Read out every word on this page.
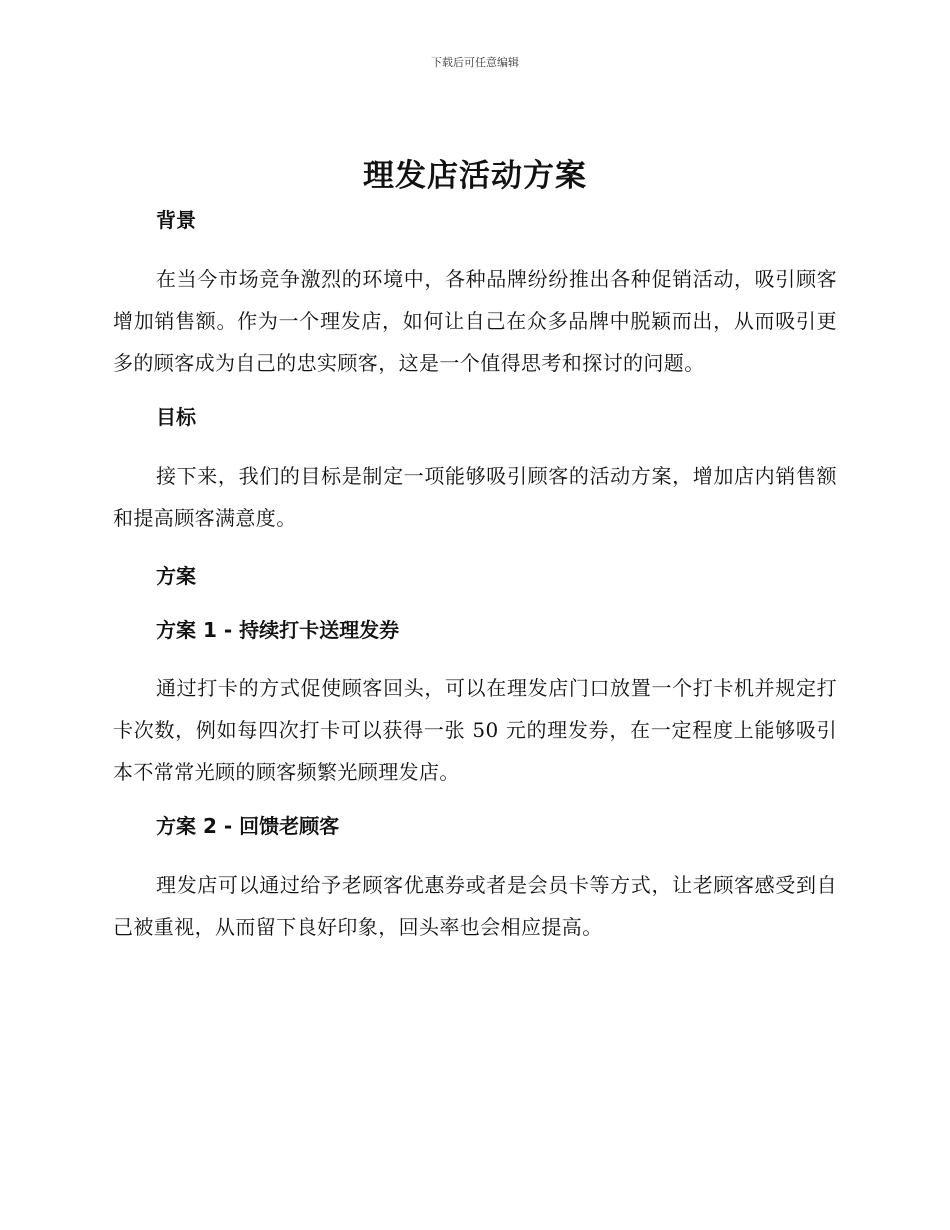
下载后可任意编辑
理发店活动方案
背景

在当今市场竞争激烈的环境中，各种品牌纷纷推出各种促销活动，吸引顾客增加销售额。作为一个理发店，如何让自己在众多品牌中脱颖而出，从而吸引更多的顾客成为自己的忠实顾客，这是一个值得思考和探讨的问题。

目标

接下来，我们的目标是制定一项能够吸引顾客的活动方案，增加店内销售额和提高顾客满意度。

方案
方案 1 - 持续打卡送理发券

通过打卡的方式促使顾客回头，可以在理发店门口放置一个打卡机并规定打卡次数，例如每四次打卡可以获得一张 50 元的理发券，在一定程度上能够吸引本不常常光顾的顾客频繁光顾理发店。

方案 2 - 回馈老顾客

理发店可以通过给予老顾客优惠券或者是会员卡等方式，让老顾客感受到自己被重视，从而留下良好印象，回头率也会相应提高。
